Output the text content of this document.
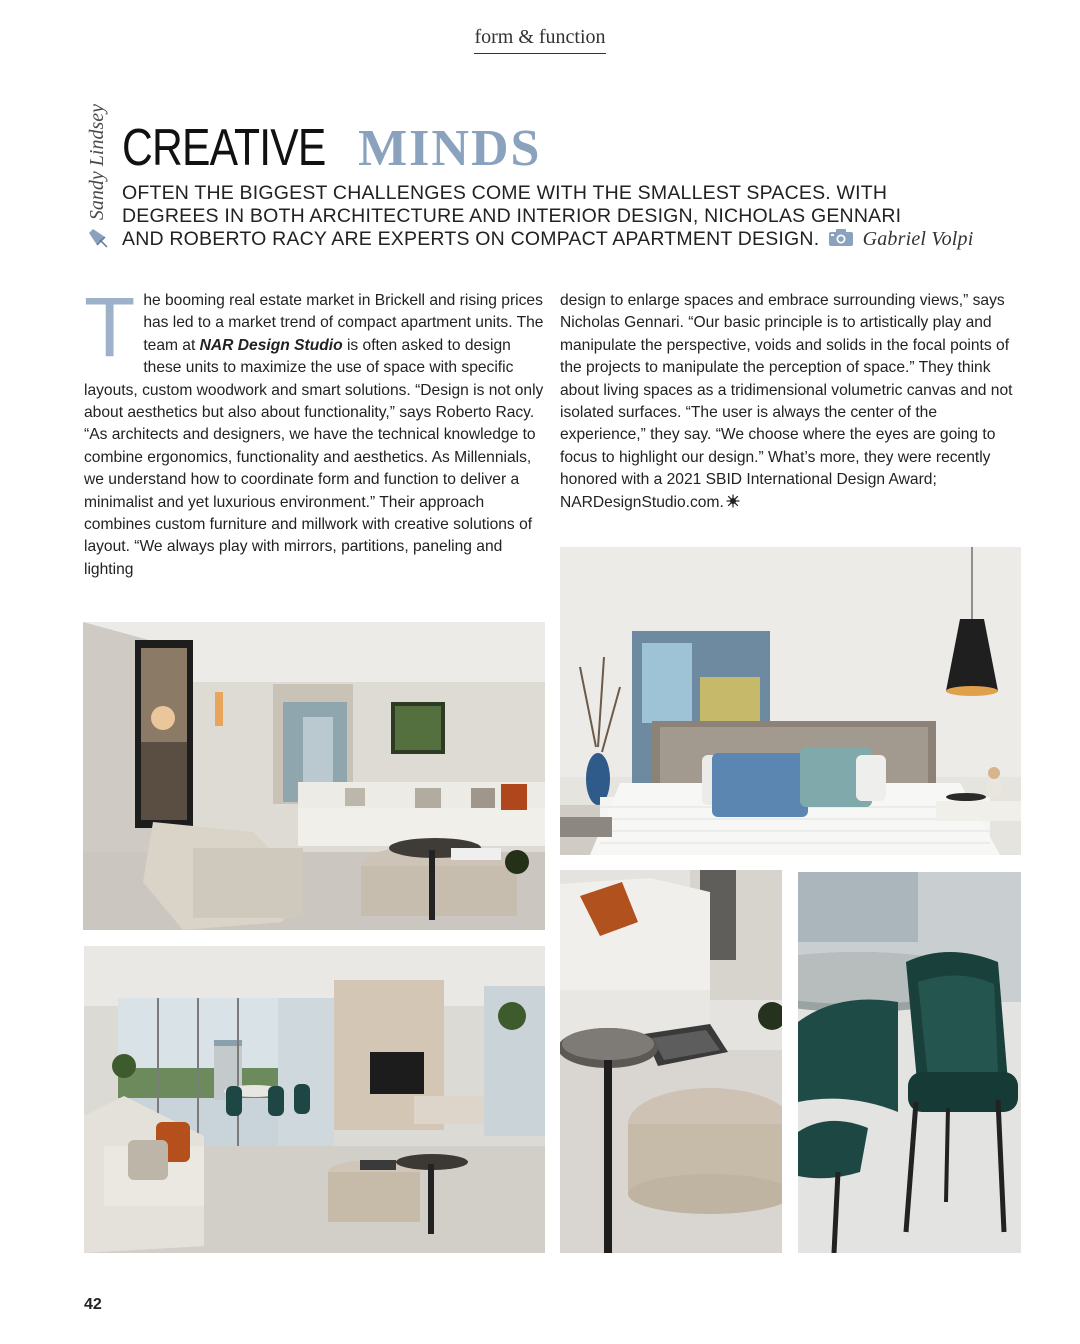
form & function
Sandy Lindsey CREATIVE MINDS
OFTEN THE BIGGEST CHALLENGES COME WITH THE SMALLEST SPACES. WITH
DEGREES IN BOTH ARCHITECTURE AND INTERIOR DESIGN, NICHOLAS GENNARI
AND ROBERTO RACY ARE EXPERTS ON COMPACT APARTMENT DESIGN. Gabriel Volpi

The booming real estate market in Brickell and rising prices has led to a market trend of compact apartment units. The team at NAR Design Studio is often asked to design these units to maximize the use of space with specific layouts, custom woodwork and smart solutions. “Design is not only about aesthetics but also about functionality,” says Roberto Racy. “As architects and designers, we have the technical knowledge to combine ergonomics, functionality and aesthetics. As Millennials, we understand how to coordinate form and function to deliver a minimalist and yet luxurious environment.” Their approach combines custom furniture and millwork with creative solutions of layout. “We always play with mirrors, partitions, paneling and lighting

design to enlarge spaces and embrace surrounding views,” says Nicholas Gennari. “Our basic principle is to artistically play and manipulate the perspective, voids and solids in the focal points of the projects to manipulate the perception of space.” They think about living spaces as a tridimensional volumetric canvas and not isolated surfaces. “The user is always the center of the experience,” they say. “We choose where the eyes are going to focus to highlight our design.” What’s more, they were recently honored with a 2021 SBID International Design Award; NARDesignStudio.com.

42
